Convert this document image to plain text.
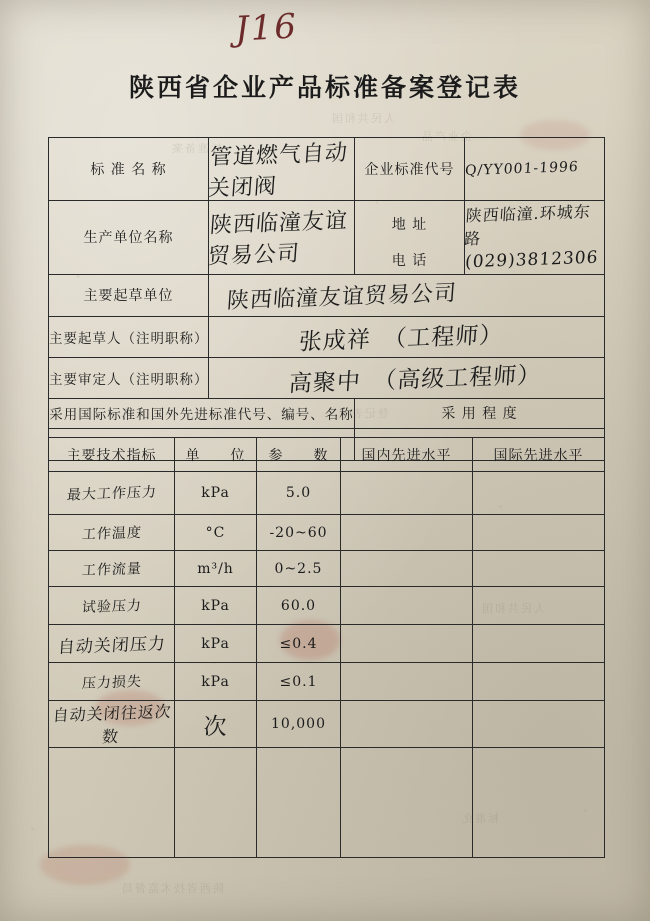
人民共和国
企业产品
标准备案
登记表
人民共和国
标准化
陕西省技术监督局
J16
陕西省企业产品标准备案登记表
标 准 名 称	管道燃气自动关闭阀	企业标准代号	Q/YY001-1996
生产单位名称	陕西临潼友谊贸易公司	地 址	陕西临潼.环城东路
		电 话	(029)3812306
主要起草单位	陕西临潼友谊贸易公司		
主要起草人（注明职称）	张成祥　（工程师）		
主要审定人（注明职称）	高聚中　（高级工程师）		
采用国际标准和国外先进标准代号、编号、名称		采 用 程 度	

主要技术指标	单　　位	参　　数	国内先进水平	国际先进水平
最大工作压力	kPa	5.0		
工作温度	°C	-20~60		
工作流量	m³/h	0~2.5		
试验压力	kPa	60.0		
自动关闭压力	kPa	≤0.4		
压力损失	kPa	≤0.1		
自动关闭往返次数	次	10,000		
